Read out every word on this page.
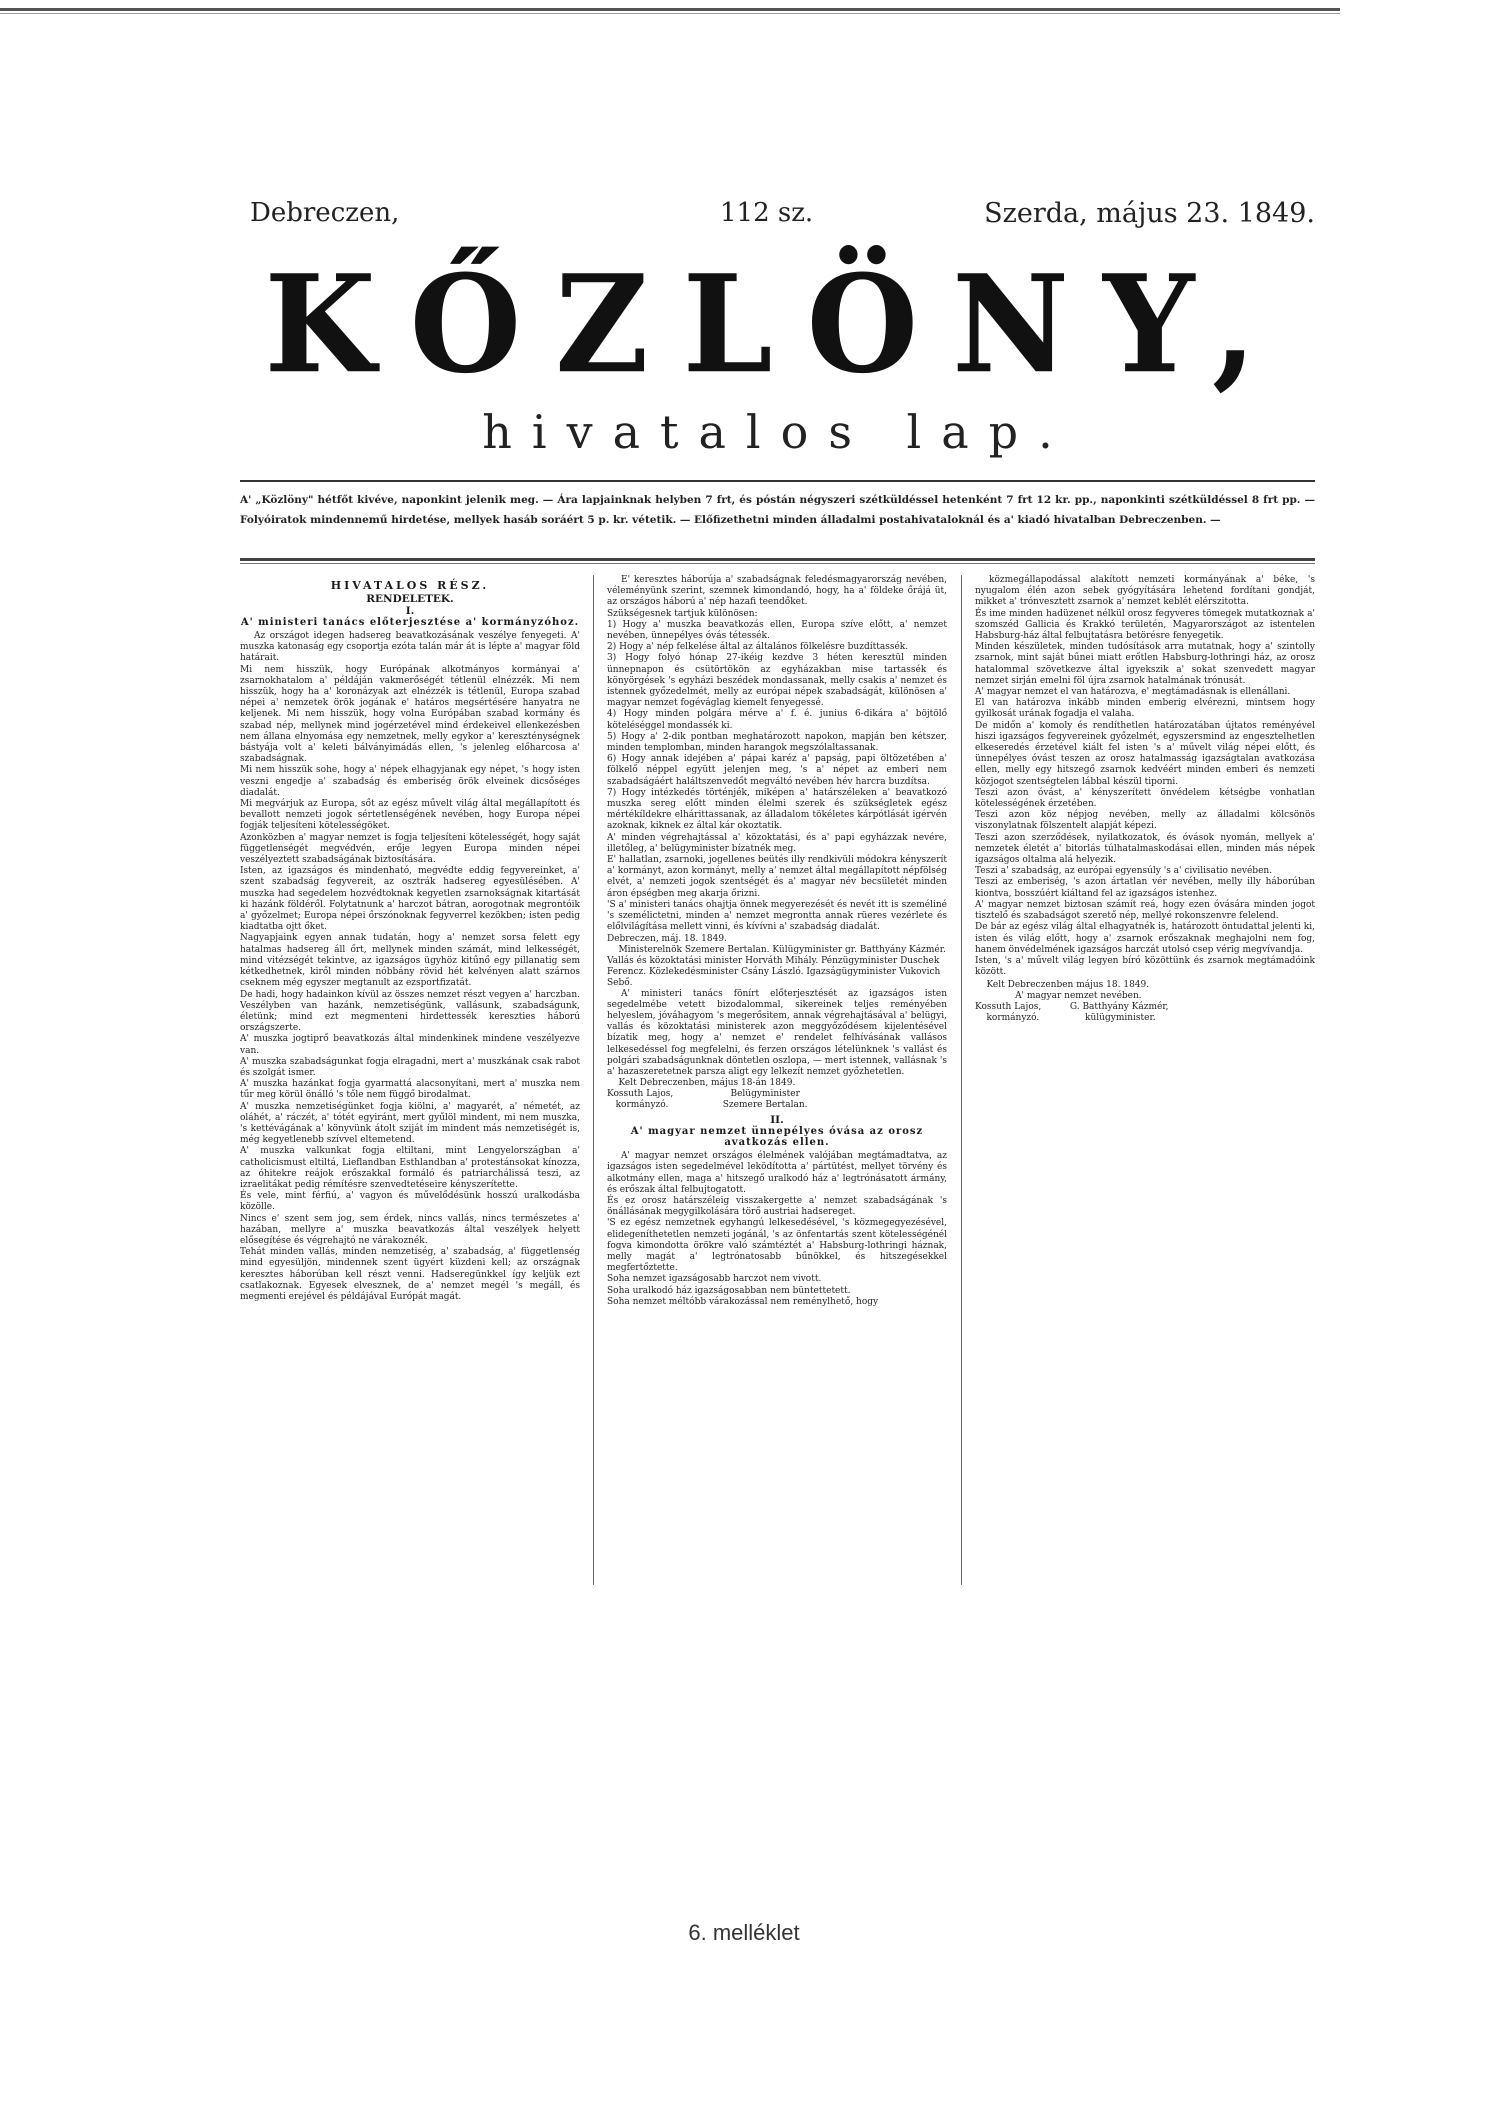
Debreczen,	112 sz.	Szerda, május 23. 1849.
KŐZLÖNY,
hivatalos lap.
A' „Közlöny" hétfőt kivéve, naponkint jelenik meg. — Ára lapjainknak helyben 7 frt, és póstán négyszeri szétküldéssel hetenként 7 frt 12 kr. pp., naponkinti szétküldéssel 8 frt pp. — Folyóiratok mindennemű hirdetése, mellyek hasáb soráért 5 p. kr. vétetik. — Előfizethetni minden álladalmi postahivataloknál és a' kiadó hivatalban Debreczenben. —

HIVATALOS RÉSZ.

RENDELETEK.

I.

A' ministeri tanács előterjesztése a' kormányzóhoz.

Az országot idegen hadsereg beavatkozásának veszélye fenyegeti. A' muszka katonaság egy csoportja ezóta talán már át is lépte a' magyar föld határait.
Mi nem hisszük, hogy Európának alkotmányos kormányai a' zsarnokhatalom a' példáján vakmerőségét tétlenül elnézzék. Mi nem hisszük, hogy ha a' koronázyak azt elnézzék is tétlenül, Europa szabad népei a' nemzetek örök jogának e' határos megsértésére hanyatra ne keljenek. Mi nem hisszük, hogy volna Európában szabad kormány és szabad nép, mellynek mind jogérzetével mind érdekeivel ellenkezésben nem állana elnyomása egy nemzetnek, melly egykor a' kereszténységnek bástyája volt a' keleti bálványimádás ellen, 's jelenleg előharcosa a' szabadságnak.
Mi nem hisszük sohe, hogy a' népek elhagyjanak egy népet, 's hogy isten veszni engedje a' szabadság és emberiség örök elveinek dicsőséges diadalát.
Mi megvárjuk az Europa, sőt az egész művelt világ által megállapított és bevallott nemzeti jogok sértetlenségének nevében, hogy Europa népei fogják teljesíteni kötelességöket.
Azonközben a' magyar nemzet is fogja teljesíteni kötelességét, hogy saját függetlenségét megvédvén, erője legyen Europa minden népei veszélyeztett szabadságának biztosítására.
Isten, az igazságos és mindenható, megvédte eddig fegyvereinket, a' szent szabadság fegyvereit, az osztrák hadsereg egyesülésében. A' muszka had segedelem hozvédtoknak kegyetlen zsarnokságnak kitartását ki hazánk földéről. Folytatnunk a' harczot bátran, aorogotnak megrontóik a' győzelmet; Europa népei őrszónoknak fegyverrel kezökben; isten pedig kiadtatba ojtt őket.
Nagyapjaink egyen annak tudatán, hogy a' nemzet sorsa felett egy hatalmas hadsereg áll őrt, mellynek minden számát, mind lelkességét, mind vitézségét tekintve, az igazságos ügyhöz kitűnő egy pillanatig sem kétkedhetnek, kiről minden nóbbány rövid hét kelvényen alatt szárnos cseknem még egyszer megtanult az ezsportfizatát.
De hadi, hogy hadainkon kívül az összes nemzet részt vegyen a' harczban. Veszélyben van hazánk, nemzetiségünk, vallásunk, szabadságunk, életünk; mind ezt megmenteni hirdettessék kereszties háború országszerte.
A' muszka jogtiprő beavatkozás által mindenkinek mindene veszélyezve van.
A' muszka szabadságunkat fogja elragadni, mert a' muszkának csak rabot és szolgát ismer.
A' muszka hazánkat fogja gyarmattá alacsonyítani, mert a' muszka nem tűr meg körül önálló 's tőle nem függő birodalmat.
A' muszka nemzetiségünket fogja kiölni, a' magyarét, a' németét, az oláhét, a' ráczét, a' tótét egyiránt, mert gyűlöl mindent, mi nem muszka, 's kettévágának a' könyvünk átolt sziját ím mindent más nemzetiségét is, még kegyetlenebb szívvel eltemetend.
A' muszka valkunkat fogja eltiltani, mint Lengyelországban a' catholicismust eltiltá, Lieflandban Esthlandban a' protestánsokat kínozza, az óhitekre reájok erőszakkal formáló és patriarchálissá teszi, az izraelitákat pedig rémítésre szenvedtetéseire kényszerítette.
És vele, mint férfiú, a' vagyon és művelődésünk hosszú uralkodásba közölle.
Nincs e' szent sem jog, sem érdek, nincs vallás, nincs természetes a' hazában, mellyre a' muszka beavatkozás által veszélyek helyett elősegítése és végrehajtó ne várakoznék.
Tehát minden vallás, minden nemzetiség, a' szabadság, a' függetlenség mind egyesüljön, mindennek szent ügyért küzdeni kell; az országnak keresztes háborúban kell részt venni. Hadseregünkkel így keljük ezt csatlakoznak. Egyesek elvesznek, de a' nemzet megél 's megáll, és megmenti erejével és példájával Európát magát.

E' keresztes háborúja a' szabadságnak feledésmagyarország nevében, véleményünk szerint, szemnek kimondandó, hogy, ha a' földeke őrájá üt, az országos háború a' nép hazafi teendőket.
Szükségesnek tartjuk különösen:
1) Hogy a' muszka beavatkozás ellen, Europa szíve előtt, a' nemzet nevében, ünnepélyes óvás tétessék.
2) Hogy a' nép felkelése által az általános fölkelésre buzdíttassék.
3) Hogy folyó hónap 27-ikéig kezdve 3 héten keresztül minden ünnepnapon és csütörtökön az egyházakban mise tartassék és könyörgések 's egyházi beszédek mondassanak, melly csakis a' nemzet és istennek győzedelmét, melly az európai népek szabadságát, különösen a' magyar nemzet fogéváglag kiemelt fenyegessé.
4) Hogy minden polgára mérve a' f. é. junius 6-dikára a' böjtölő köteléséggel mondassék ki.
5) Hogy a' 2-dik pontban meghatározott napokon, mapján ben kétszer, minden templomban, minden harangok megszólaltassanak.
6) Hogy annak idejében a' pápai karéz a' papság, papi öltözetében a' fölkelő néppel együtt jelenjen meg, 's a' népet az emberi nem szabadságáért haláltszenvedőt megváltó nevében hév harcra buzdítsa.
7) Hogy intézkedés történjék, miképen a' határszéleken a' beavatkozó muszka sereg előtt minden élelmi szerek és szükségletek egész mértékíldekre elhárittassanak, az álladalom tökéletes kárpótlását igérvén azoknak, kiknek ez által kár okoztatik.
A' minden végrehajtással a' közoktatási, és a' papi egyházzak nevére, illetőleg, a' belügyminister bízatnék meg.
E' hallatlan, zsarnoki, jogellenes beütés illy rendkivüli módokra kényszerít a' kormányt, azon kormányt, melly a' nemzet által megállapított népfölség elvét, a' nemzeti jogok szentségét és a' magyar név becsületét minden áron épségben meg akarja őrizni.
'S a' ministeri tanács ohajtja önnek megyerezését és nevét itt is személiné 's személictetni, minden a' nemzet megrontta annak rüeres vezérlete és előlvilágítása mellett vinni, és kívívni a' szabadság diadalát.

Debreczen, máj. 18. 1849.
Ministerelnök Szemere Bertalan. Külügyminister gr. Batthyány Kázmér. Vallás és közoktatási minister Horváth Mihály. Pénzügyminister Duschek Ferencz. Közlekedésminister Csány László. Igazságügyminister Vukovich Sebő.

A' ministeri tanács fönírt előterjesztését az igazságos isten segedelmébe vetett bizodalommal, sikereinek teljes reményében helyeslem, jóváhagyom 's megerősitem, annak végrehajtásával a' belügyi, vallás és közoktatási ministerek azon meggyőződésem kijelentésével bízatik meg, hogy a' nemzet e' rendelet felhívásának vallásos lelkesedéssel fog megfelelni, és ferzen országos lételünknek 's vallást és polgári szabadságunknak döntetlen oszlopa, — mert istennek, vallásnak 's a' hazaszeretetnek parsza aligt egy lelkezít nemzet győzhetetlen.

Kelt Debreczenben, május 18-án 1849.
Kossuth Lajos,                    Belügyminister
kormányzó.                   Szemere Bertalan.

II.

A' magyar nemzet ünnepélyes óvása az orosz avatkozás ellen.

A' magyar nemzet országos élelmének valójában megtámadtatva, az igazságos isten segedelmével leködította a' pártütést, mellyet törvény és alkotmány ellen, maga a' hitszegő uralkodó ház a' legtrónásatott ármány, és erőszak által felbujtogatott.
És ez orosz határszéleig visszakergette a' nemzet szabadságának 's önállásának megygilkolására törő austriai hadsereget.
'S ez egész nemzetnek egyhangú lelkesedésével, 's közmegegyezésével, elidegeníthetetlen nemzeti jogánál, 's az önfentartás szent kötelességénél fogva kimondotta örökre való számtéztét a' Habsburg-lothringi háznak, melly magát a' legtrónatosabb bűnökkel, és hitszegésekkel megfertőztette.
Soha nemzet igazságosabb harczot nem vivott.
Soha uralkodó ház igazságosabban nem büntettetett.
Soha nemzet méltóbb várakozással nem reménylhető, hogy

közmegállapodással alakított nemzeti kormányának a' béke, 's nyugalom élén azon sebek gyógyítására lehetend fordítani gondját, mikket a' trónvesztett zsarnok a' nemzet keblét elérszitotta.
És ime minden hadüzenet nélkül orosz fegyveres tömegek mutatkoznak a' szomszéd Gallicia és Krakkó területén, Magyarországot az istentelen Habsburg-ház által felbujtatásra betörésre fenyegetik.
Minden készületek, minden tudósítások arra mutatnak, hogy a' szintolly zsarnok, mint saját bűnei miatt erőtlen Habsburg-lothringi ház, az orosz hatalommal szövetkezve által igyekszik a' sokat szenvedett magyar nemzet sirján emelni föl újra zsarnok hatalmának trónusát.
A' magyar nemzet el van határozva, e' megtámadásnak is ellenállani.
El van határozva inkább minden emberig elvérezni, mintsem hogy gyilkosát urának fogadja el valaha.
De midőn a' komoly és rendíthetlen határozatában újtatos reményével hiszi igazságos fegyvereinek győzelmét, egyszersmind az engesztelhetlen elkeseredés érzetével kiált fel isten 's a' művelt világ népei előtt, és ünnepélyes óvást teszen az orosz hatalmasság igazságtalan avatkozása ellen, melly egy hitszegő zsarnok kedvéért minden emberi és nemzeti közjogot szentségtelen lábbal készül tiporni.
Teszi azon óvást, a' kényszerített önvédelem kétségbe vonhatlan kötelességének érzetében.
Teszi azon köz népjog nevében, melly az álladalmi kölcsönös viszonylatnak fölszentelt alapját képezi.
Teszi azon szerződések, nyilatkozatok, és óvások nyomán, mellyek a' nemzetek életét a' bitorlás túlhatalmaskodásai ellen, minden más népek igazságos oltalma alá helyezik.
Teszi a' szabadság, az európai egyensúly 's a' civilisatio nevében.
Teszi az emberiség, 's azon ártatlan vér nevében, melly illy háborúban kiontva, bosszúért kiáltand fel az igazságos istenhez.
A' magyar nemzet biztosan számít reá, hogy ezen óvására minden jogot tisztelő és szabadságot szerető nép, mellyé rokonszenvre felelend.
De bár az egész világ által elhagyatnék is, határozott öntudattal jelenti ki, isten és világ előtt, hogy a' zsarnok erőszaknak meghajolni nem fog, hanem önvédelmének igazságos harczát utolsó csep vérig megvívandja.
Isten, 's a' művelt világ legyen bíró közöttünk és zsarnok megtámadóink között.

Kelt Debreczenben május 18. 1849.
A' magyar nemzet nevében.
Kossuth Lajos,          G. Batthyány Kázmér,
kormányzó.                külügyminister.

6. melléklet
